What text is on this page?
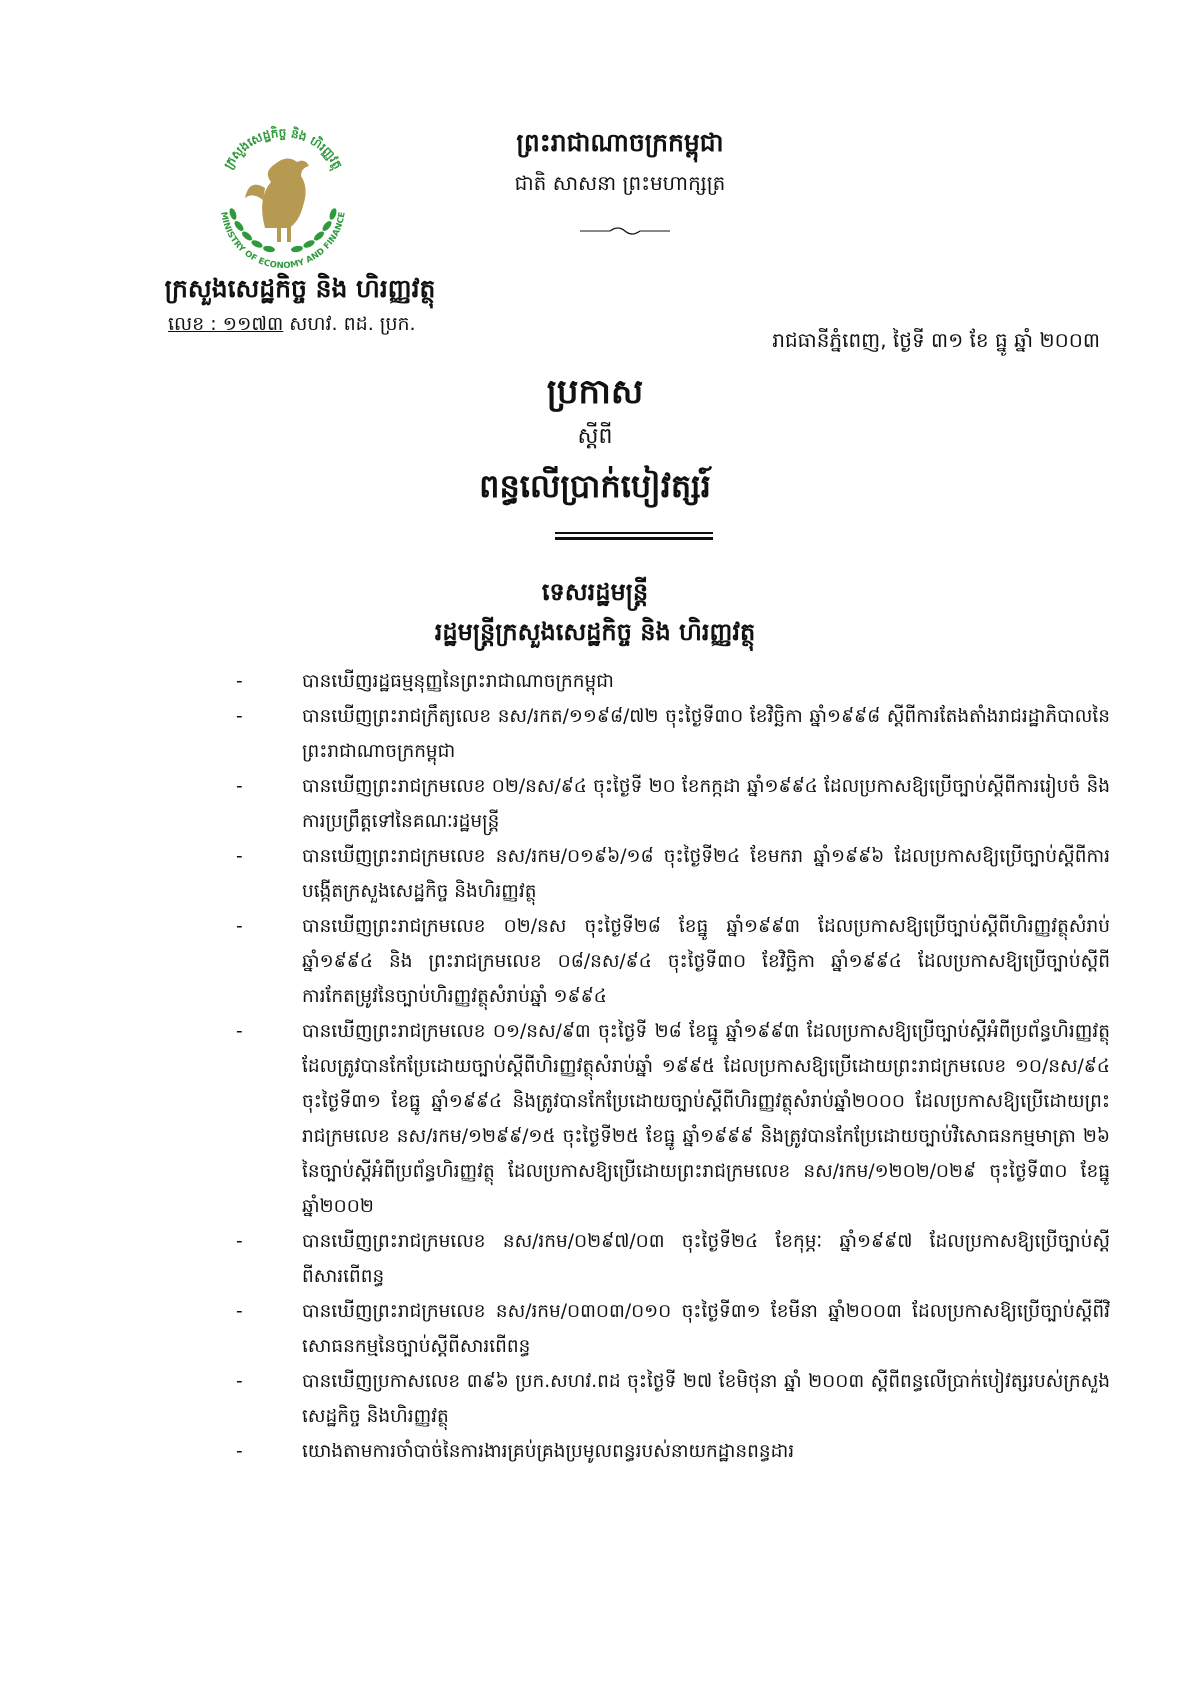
ក្រសួងសេដ្ឋកិច្ច និង ហិរញ្ញវត្ថុ
MINISTRY OF ECONOMY AND FINANCE
ក្រសួងសេដ្ឋកិច្ច និង ហិរញ្ញវត្ថុ
លេខ : ១១៧៣ សហវ. ពដ. ប្រក.
ព្រះរាជាណាចក្រកម្ពុជា
ជាតិ សាសនា ព្រះមហាក្សត្រ
រាជធានីភ្នំពេញ, ថ្ងៃទី ៣១ ខែ ធ្នូ ឆ្នាំ ២០០៣
ប្រកាស
ស្តីពី
ពន្ធលើប្រាក់បៀវត្សរ៍
ទេសរដ្ឋមន្ត្រី
រដ្ឋមន្ត្រីក្រសួងសេដ្ឋកិច្ច និង ហិរញ្ញវត្ថុ
-	បានឃើញរដ្ឋធម្មនុញ្ញនៃព្រះរាជាណាចក្រកម្ពុជា
-	បានឃើញព្រះរាជក្រឹត្យលេខ នស/រកត/១១៩៨/៧២ ចុះថ្ងៃទី៣០ ខែវិច្ឆិកា ឆ្នាំ១៩៩៨ ស្តីពីការតែងតាំងរាជរដ្ឋាភិបាលនៃព្រះរាជាណាចក្រកម្ពុជា
-	បានឃើញព្រះរាជក្រមលេខ ០២/នស/៩៤ ចុះថ្ងៃទី ២០ ខែកក្កដា ឆ្នាំ១៩៩៤ ដែលប្រកាសឱ្យប្រើច្បាប់ស្តីពីការរៀបចំ និងការប្រព្រឹត្តទៅនៃគណៈរដ្ឋមន្ត្រី
-	បានឃើញព្រះរាជក្រមលេខ នស/រកម/០១៩៦/១៨ ចុះថ្ងៃទី២៤ ខែមករា ឆ្នាំ១៩៩៦ ដែលប្រកាសឱ្យប្រើច្បាប់ស្តីពីការបង្កើតក្រសួងសេដ្ឋកិច្ច និងហិរញ្ញវត្ថុ
-	បានឃើញព្រះរាជក្រមលេខ ០២/នស ចុះថ្ងៃទី២៨ ខែធ្នូ ឆ្នាំ១៩៩៣ ដែលប្រកាសឱ្យប្រើច្បាប់ស្តីពីហិរញ្ញវត្ថុសំរាប់ឆ្នាំ១៩៩៤ និង ព្រះរាជក្រមលេខ ០៨/នស/៩៤ ចុះថ្ងៃទី៣០ ខែវិច្ឆិកា ឆ្នាំ១៩៩៤ ដែលប្រកាសឱ្យប្រើច្បាប់ស្តីពីការកែតម្រូវនៃច្បាប់ហិរញ្ញវត្ថុសំរាប់ឆ្នាំ ១៩៩៤
-	បានឃើញព្រះរាជក្រមលេខ ០១/នស/៩៣ ចុះថ្ងៃទី ២៨ ខែធ្នូ ឆ្នាំ១៩៩៣ ដែលប្រកាសឱ្យប្រើច្បាប់ស្តីអំពីប្រព័ន្ធហិរញ្ញវត្ថុ ដែលត្រូវបានកែប្រែដោយច្បាប់ស្តីពីហិរញ្ញវត្ថុសំរាប់ឆ្នាំ ១៩៩៥ ដែលប្រកាសឱ្យប្រើដោយព្រះរាជក្រមលេខ ១០/នស/៩៤ ចុះថ្ងៃទី៣១ ខែធ្នូ ឆ្នាំ១៩៩៤ និងត្រូវបានកែប្រែដោយច្បាប់ស្តីពីហិរញ្ញវត្ថុសំរាប់ឆ្នាំ២០០០ ដែលប្រកាសឱ្យប្រើដោយព្រះរាជក្រមលេខ នស/រកម/១២៩៩/១៥ ចុះថ្ងៃទី២៥ ខែធ្នូ ឆ្នាំ១៩៩៩ និងត្រូវបានកែប្រែដោយច្បាប់វិសោធនកម្មមាត្រា ២៦ នៃច្បាប់ស្តីអំពីប្រព័ន្ធហិរញ្ញវត្ថុ ដែលប្រកាសឱ្យប្រើដោយព្រះរាជក្រមលេខ នស/រកម/១២០២/០២៩ ចុះថ្ងៃទី៣០ ខែធ្នូ ឆ្នាំ២០០២
-	បានឃើញព្រះរាជក្រមលេខ នស/រកម/០២៩៧/០៣ ចុះថ្ងៃទី២៤ ខែកុម្ភៈ ឆ្នាំ១៩៩៧ ដែលប្រកាសឱ្យប្រើច្បាប់ស្តីពីសារពើពន្ធ
-	បានឃើញព្រះរាជក្រមលេខ នស/រកម/០៣០៣/០១០ ចុះថ្ងៃទី៣១ ខែមីនា ឆ្នាំ២០០៣ ដែលប្រកាសឱ្យប្រើច្បាប់ស្តីពីវិសោធនកម្មនៃច្បាប់ស្តីពីសារពើពន្ធ
-	បានឃើញប្រកាសលេខ ៣៩៦ ប្រក.សហវ.ពដ ចុះថ្ងៃទី ២៧ ខែមិថុនា ឆ្នាំ ២០០៣ ស្តីពីពន្ធលើប្រាក់បៀវត្សរបស់ក្រសួងសេដ្ឋកិច្ច និងហិរញ្ញវត្ថុ
-	យោងតាមការចាំបាច់នៃការងារគ្រប់គ្រងប្រមូលពន្ធរបស់នាយកដ្ឋានពន្ធដារ
